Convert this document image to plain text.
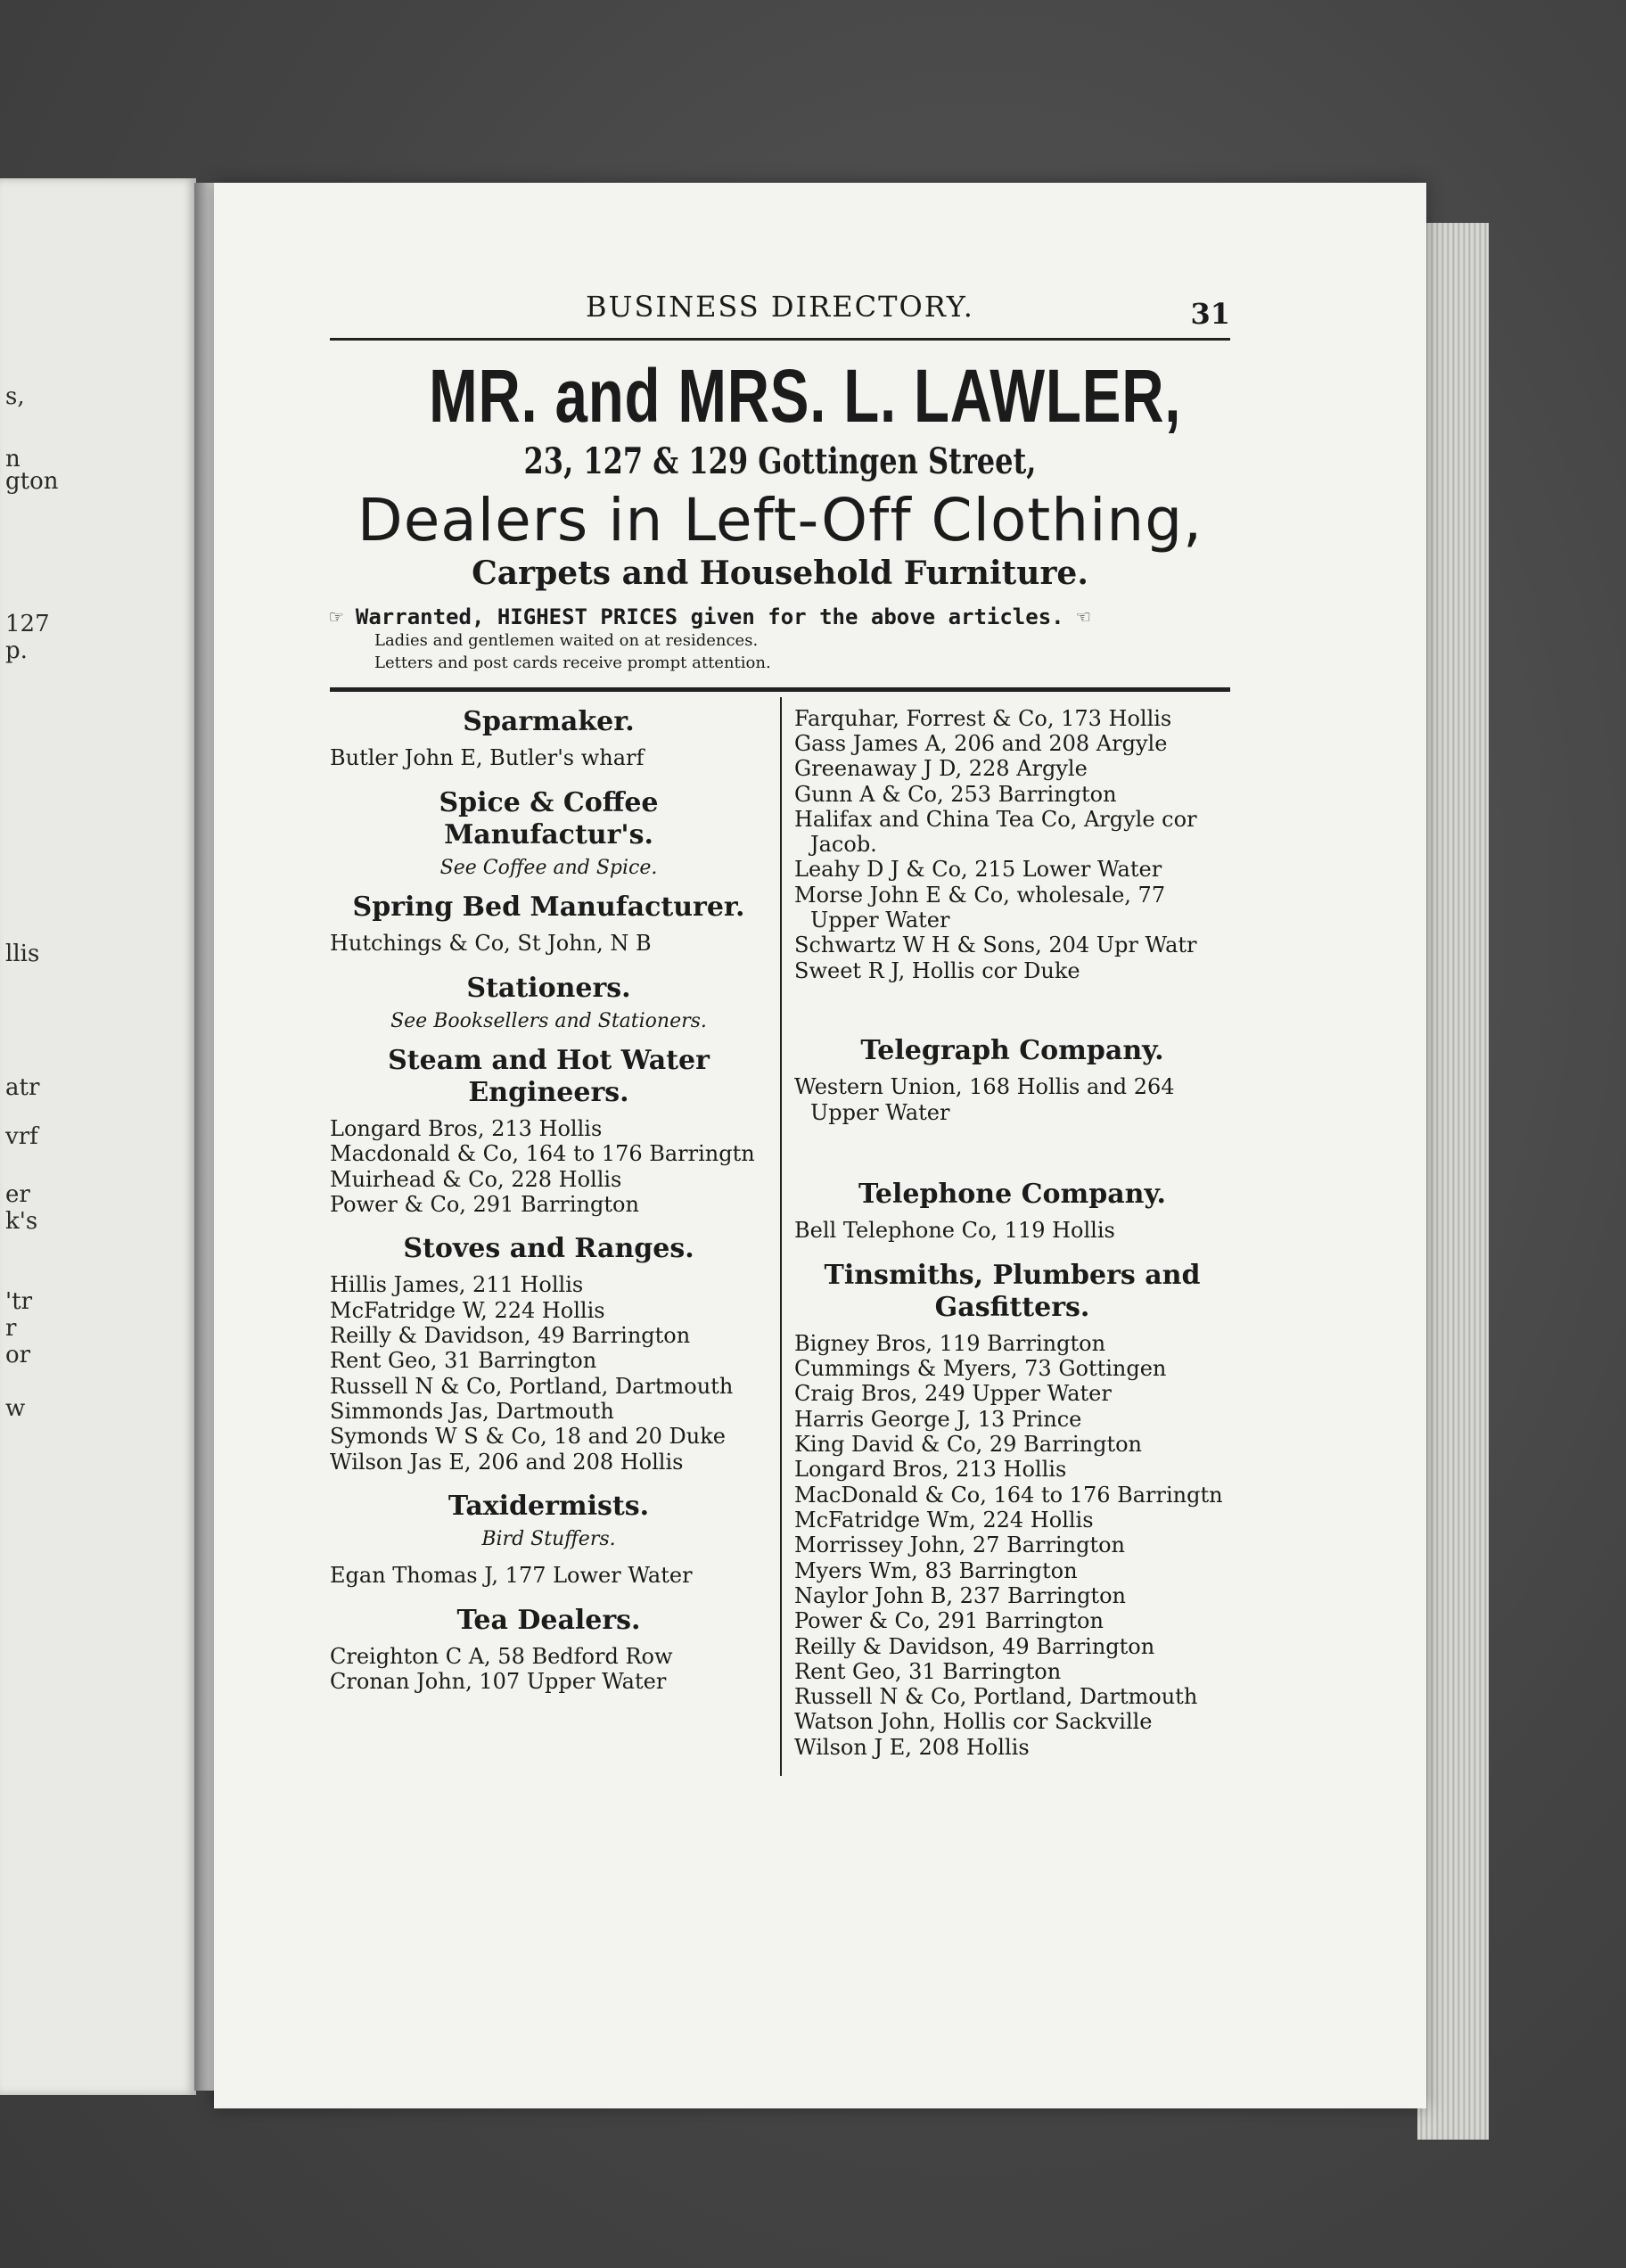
s,
n
gton
127
p.
llis
atr
vrf
er
k's
'tr
r
or
w
BUSINESS DIRECTORY.	31
MR. and MRS. L. LAWLER,
23, 127 & 129 Gottingen Street,
Dealers in Left-Off Clothing,
Carpets and Household Furniture.
☞ Warranted, HIGHEST PRICES given for the above articles. ☜
Ladies and gentlemen waited on at residences.
Letters and post cards receive prompt attention.
Sparmaker.
Butler John E, Butler's wharf
Spice & Coffee Manufactur's.
See Coffee and Spice.
Spring Bed Manufacturer.
Hutchings & Co, St John, N B
Stationers.
See Booksellers and Stationers.
Steam and Hot Water Engineers.
Longard Bros, 213 Hollis
Macdonald & Co, 164 to 176 Barringtn
Muirhead & Co, 228 Hollis
Power & Co, 291 Barrington
Stoves and Ranges.
Hillis James, 211 Hollis
McFatridge W, 224 Hollis
Reilly & Davidson, 49 Barrington
Rent Geo, 31 Barrington
Russell N & Co, Portland, Dartmouth
Simmonds Jas, Dartmouth
Symonds W S & Co, 18 and 20 Duke
Wilson Jas E, 206 and 208 Hollis
Taxidermists.
Bird Stuffers.
Egan Thomas J, 177 Lower Water
Tea Dealers.
Creighton C A, 58 Bedford Row
Cronan John, 107 Upper Water
Farquhar, Forrest & Co, 173 Hollis
Gass James A, 206 and 208 Argyle
Greenaway J D, 228 Argyle
Gunn A & Co, 253 Barrington
Halifax and China Tea Co, Argyle cor Jacob.
Leahy D J & Co, 215 Lower Water
Morse John E & Co, wholesale, 77 Upper Water
Schwartz W H & Sons, 204 Upr Watr
Sweet R J, Hollis cor Duke
Telegraph Company.
Western Union, 168 Hollis and 264 Upper Water
Telephone Company.
Bell Telephone Co, 119 Hollis
Tinsmiths, Plumbers and Gasfitters.
Bigney Bros, 119 Barrington
Cummings & Myers, 73 Gottingen
Craig Bros, 249 Upper Water
Harris George J, 13 Prince
King David & Co, 29 Barrington
Longard Bros, 213 Hollis
MacDonald & Co, 164 to 176 Barringtn
McFatridge Wm, 224 Hollis
Morrissey John, 27 Barrington
Myers Wm, 83 Barrington
Naylor John B, 237 Barrington
Power & Co, 291 Barrington
Reilly & Davidson, 49 Barrington
Rent Geo, 31 Barrington
Russell N & Co, Portland, Dartmouth
Watson John, Hollis cor Sackville
Wilson J E, 208 Hollis
